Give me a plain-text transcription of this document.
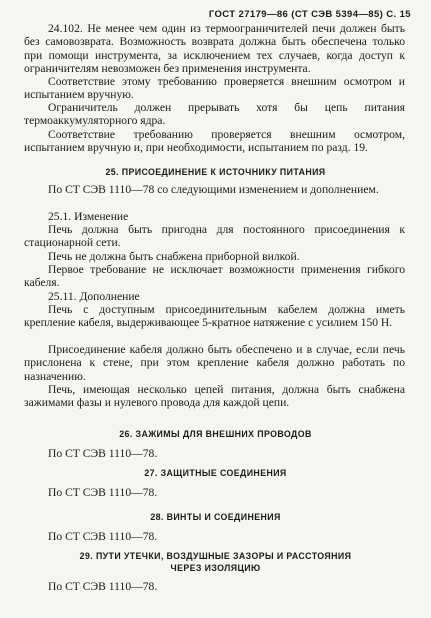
ГОСТ 27179—86 (СТ СЭВ 5394—85) С. 15

24.102. Не менее чем один из термоограничителей печи должен быть без самовозврата. Возможность возврата должна быть обеспечена только при помощи инструмента, за исключением тех случаев, когда доступ к ограничителям невозможен без применения инструмента.

Соответствие этому требованию проверяется внешним осмотром и испытанием вручную.

Ограничитель должен прерывать хотя бы цепь питания термоаккумуляторного ядра.

Соответствие требованию проверяется внешним осмотром, испытанием вручную и, при необходимости, испытанием по разд. 19.

25. ПРИСОЕДИНЕНИЕ К ИСТОЧНИКУ ПИТАНИЯ

По СТ СЭВ 1110—78 со следующими изменением и дополнением.

25.1. Изменение

Печь должна быть пригодна для постоянного присоединения к стационарной сети.

Печь не должна быть снабжена приборной вилкой.

Первое требование не исключает возможности применения гибкого кабеля.

25.11. Дополнение

Печь с доступным присоединительным кабелем должна иметь крепление кабеля, выдерживающее 5-кратное натяжение с усилием 150 Н.

Присоединение кабеля должно быть обеспечено и в случае, если печь прислонена к стене, при этом крепление кабеля должно работать по назначению.

Печь, имеющая несколько цепей питания, должна быть снабжена зажимами фазы и нулевого провода для каждой цепи.

26. ЗАЖИМЫ ДЛЯ ВНЕШНИХ ПРОВОДОВ

По СТ СЭВ 1110—78.

27. ЗАЩИТНЫЕ СОЕДИНЕНИЯ

По СТ СЭВ 1110—78.

28. ВИНТЫ И СОЕДИНЕНИЯ

По СТ СЭВ 1110—78.

29. ПУТИ УТЕЧКИ, ВОЗДУШНЫЕ ЗАЗОРЫ И РАССТОЯНИЯ ЧЕРЕЗ ИЗОЛЯЦИЮ

По СТ СЭВ 1110—78.
